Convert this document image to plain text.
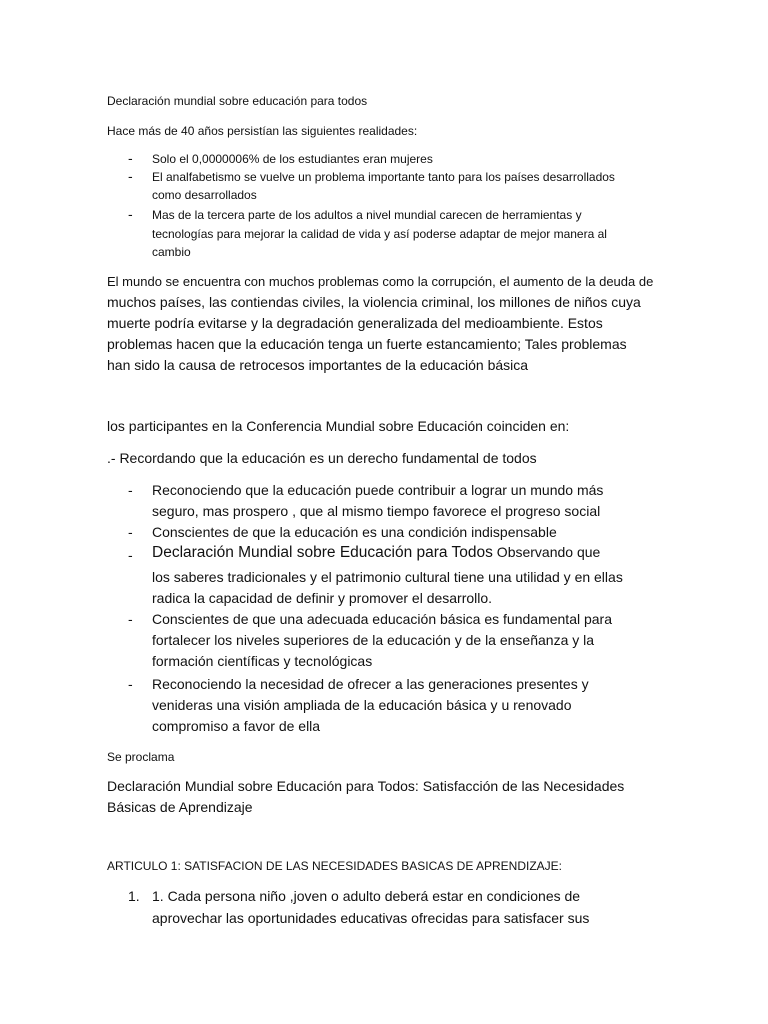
Declaración mundial sobre educación para todos
Hace más de 40 años persistían las siguientes realidades:
- Solo el 0,0000006% de los estudiantes eran mujeres
- El analfabetismo se vuelve un problema importante tanto para los países desarrollados
como desarrollados
- Mas de la tercera parte de los adultos a nivel mundial carecen de herramientas y
tecnologías para mejorar la calidad de vida y así poderse adaptar de mejor manera al
cambio
El mundo se encuentra con muchos problemas como la corrupción, el aumento de la deuda de
muchos países, las contiendas civiles, la violencia criminal, los millones de niños cuya
muerte podría evitarse y la degradación generalizada del medioambiente. Estos
problemas hacen que la educación tenga un fuerte estancamiento; Tales problemas
han sido la causa de retrocesos importantes de la educación básica
los participantes en la Conferencia Mundial sobre Educación coinciden en:
.- Recordando que la educación es un derecho fundamental de todos
- Reconociendo que la educación puede contribuir a lograr un mundo más
seguro, mas prospero , que al mismo tiempo favorece el progreso social
- Conscientes de que la educación es una condición indispensable
- Declaración Mundial sobre Educación para Todos Observando que
los saberes tradicionales y el patrimonio cultural tiene una utilidad y en ellas
radica la capacidad de definir y promover el desarrollo.
- Conscientes de que una adecuada educación básica es fundamental para
fortalecer los niveles superiores de la educación y de la enseñanza y la
formación científicas y tecnológicas
- Reconociendo la necesidad de ofrecer a las generaciones presentes y
venideras una visión ampliada de la educación básica y u renovado
compromiso a favor de ella
Se proclama
Declaración Mundial sobre Educación para Todos: Satisfacción de las Necesidades
Básicas de Aprendizaje
ARTICULO 1: SATISFACION DE LAS NECESIDADES BASICAS DE APRENDIZAJE:
1. 1. Cada persona niño ,joven o adulto deberá estar en condiciones de
aprovechar las oportunidades educativas ofrecidas para satisfacer sus
